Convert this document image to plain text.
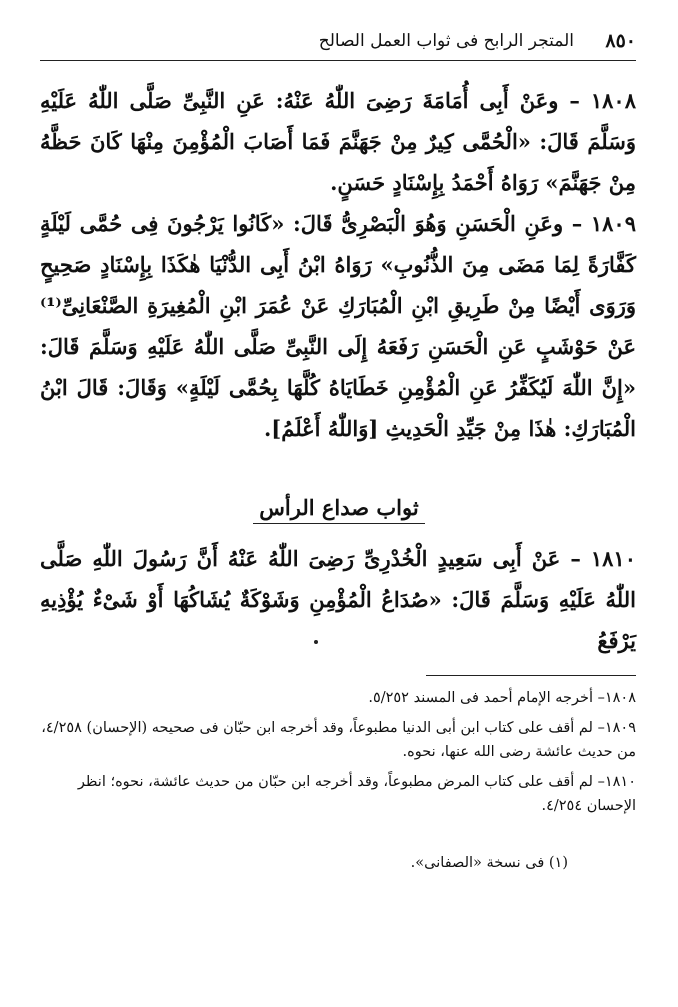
٨٥٠
المتجر الرابح فى ثواب العمل الصالح

١٨٠٨ – وعَنْ أَبِى أُمَامَةَ رَضِىَ اللّٰهُ عَنْهُ: عَنِ النَّبِىِّ صَلَّى اللّٰهُ عَلَيْهِ وَسَلَّمَ قَالَ: «الْحُمَّى كِيرٌ مِنْ جَهَنَّمَ فَمَا أَصَابَ الْمُؤْمِنَ مِنْهَا كَانَ حَظَّهُ مِنْ جَهَنَّمَ» رَوَاهُ أَحْمَدُ بِإِسْنَادٍ حَسَنٍ.

١٨٠٩ – وعَنِ الْحَسَنِ وَهُوَ الْبَصْرِىُّ قَالَ: «كَانُوا يَرْجُونَ فِى حُمَّى لَيْلَةٍ كَفَّارَةً لِمَا مَضَى مِنَ الذُّنُوبِ» رَوَاهُ ابْنُ أَبِى الدُّنْيَا هٰكَذَا بِإِسْنَادٍ صَحِيحٍ وَرَوَى أَيْضًا مِنْ طَرِيقِ ابْنِ الْمُبَارَكِ عَنْ عُمَرَ ابْنِ الْمُغِيرَةِ الصَّنْعَانِىِّ⁽¹⁾ عَنْ حَوْشَبٍ عَنِ الْحَسَنِ رَفَعَهُ إِلَى النَّبِىِّ صَلَّى اللّٰهُ عَلَيْهِ وَسَلَّمَ قَالَ: «إِنَّ اللّٰهَ لَيُكَفِّرُ عَنِ الْمُؤْمِنِ خَطَايَاهُ كُلَّهَا بِحُمَّى لَيْلَةٍ» وَقَالَ: قَالَ ابْنُ الْمُبَارَكِ: هٰذَا مِنْ جَيِّدِ الْحَدِيثِ [وَاللّٰهُ أَعْلَمُ].

ثواب صداع الرأس

١٨١٠ – عَنْ أَبِى سَعِيدٍ الْخُدْرِىِّ رَضِىَ اللّٰهُ عَنْهُ أَنَّ رَسُولَ اللّٰهِ صَلَّى اللّٰهُ عَلَيْهِ وَسَلَّمَ قَالَ: «صُدَاعُ الْمُؤْمِنِ وَشَوْكَةٌ يُشَاكُهَا أَوْ شَىْءٌ يُؤْذِيهِ يَرْفَعُ

١٨٠٨– أخرجه الإمام أحمد فى المسند ٥/٢٥٢.

١٨٠٩– لم أقف على كتاب ابن أبى الدنيا مطبوعاً، وقد أخرجه ابن حبّان فى صحيحه (الإحسان) ٤/٢٥٨، من حديث عائشة رضى الله عنها، نحوه.

١٨١٠– لم أقف على كتاب المرض مطبوعاً، وقد أخرجه ابن حبّان من حديث عائشة، نحوه؛ انظر الإحسان ٤/٢٥٤.

(١) فى نسخة «الصفانى».
